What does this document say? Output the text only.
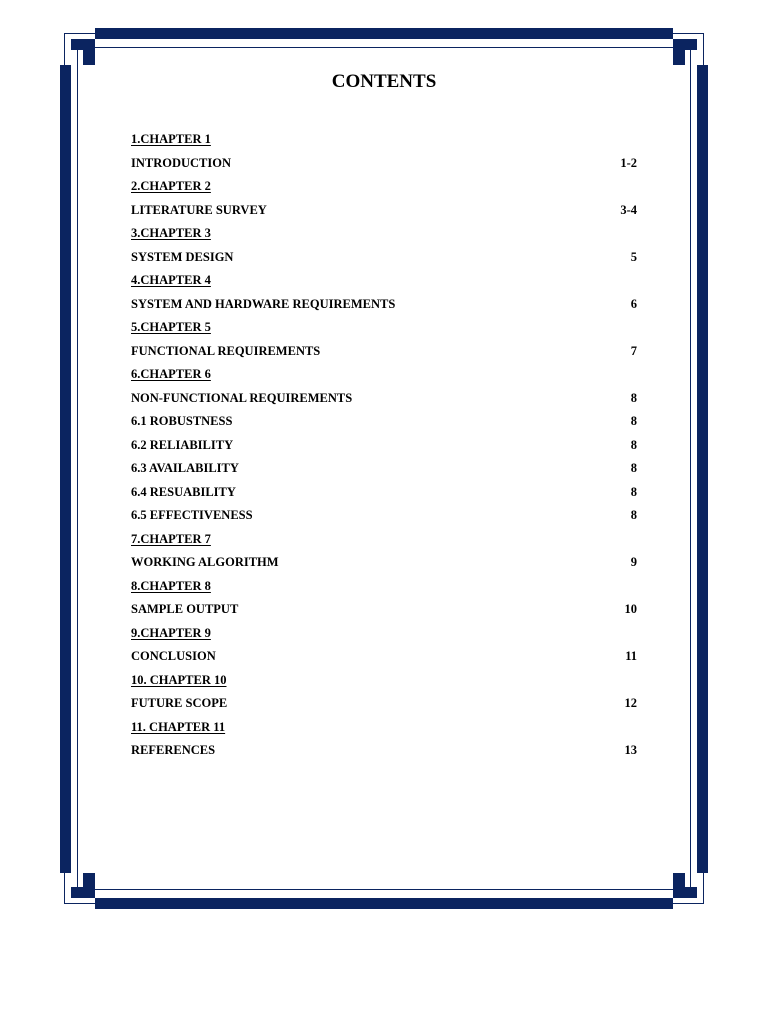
CONTENTS
1.CHAPTER 1
INTRODUCTION	1-2
2.CHAPTER 2
LITERATURE SURVEY	3-4
3.CHAPTER 3
SYSTEM DESIGN	5
4.CHAPTER 4
SYSTEM AND HARDWARE REQUIREMENTS	6
5.CHAPTER 5
FUNCTIONAL REQUIREMENTS	7
6.CHAPTER 6
NON-FUNCTIONAL REQUIREMENTS	8
6.1 ROBUSTNESS	8
6.2 RELIABILITY	8
6.3 AVAILABILITY	8
6.4 RESUABILITY	8
6.5 EFFECTIVENESS	8
7.CHAPTER 7
WORKING ALGORITHM	9
8.CHAPTER 8
SAMPLE OUTPUT	10
9.CHAPTER 9
CONCLUSION	11
10. CHAPTER 10
FUTURE SCOPE	12
11. CHAPTER 11
REFERENCES	13
